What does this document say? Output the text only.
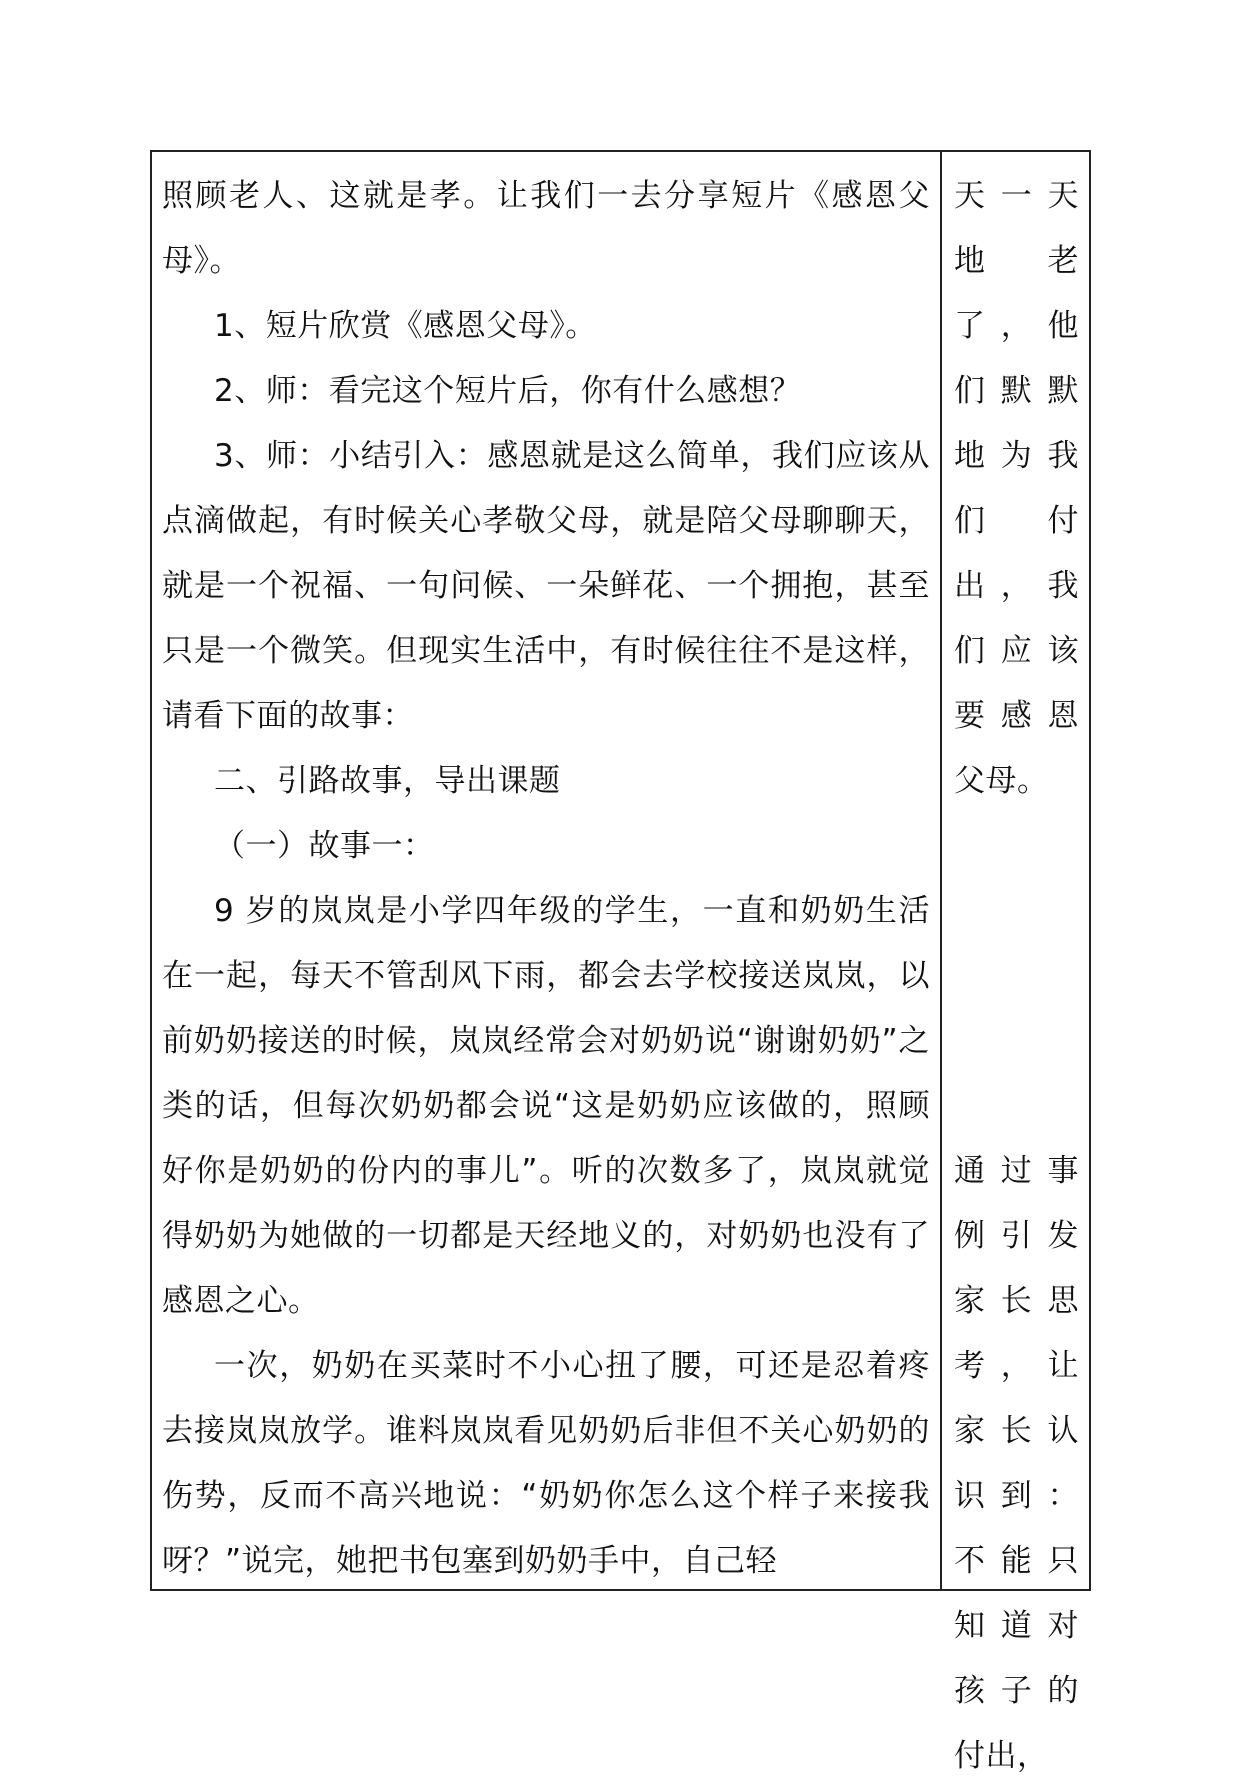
照顾老人、这就是孝。让我们一去分享短片《感恩父母》。

1、短片欣赏《感恩父母》。

2、师：看完这个短片后，你有什么感想？

3、师：小结引入：感恩就是这么简单，我们应该从点滴做起，有时候关心孝敬父母，就是陪父母聊聊天，就是一个祝福、一句问候、一朵鲜花、一个拥抱，甚至只是一个微笑。但现实生活中，有时候往往不是这样，请看下面的故事：

二、引路故事，导出课题

（一）故事一：

9 岁的岚岚是小学四年级的学生，一直和奶奶生活在一起，每天不管刮风下雨，都会去学校接送岚岚，以前奶奶接送的时候，岚岚经常会对奶奶说“谢谢奶奶”之类的话，但每次奶奶都会说“这是奶奶应该做的，照顾好你是奶奶的份内的事儿”。听的次数多了，岚岚就觉得奶奶为她做的一切都是天经地义的，对奶奶也没有了感恩之心。

一次，奶奶在买菜时不小心扭了腰，可还是忍着疼去接岚岚放学。谁料岚岚看见奶奶后非但不关心奶奶的伤势，反而不高兴地说：“奶奶你怎么这个样子来接我呀？”说完，她把书包塞到奶奶手中，自己轻

天一天地老了，他们默默地为我们付出，我们应该要感恩父母。

通过事例引发家长思考，让家长认识到：不能只知道对孩子的付出，
